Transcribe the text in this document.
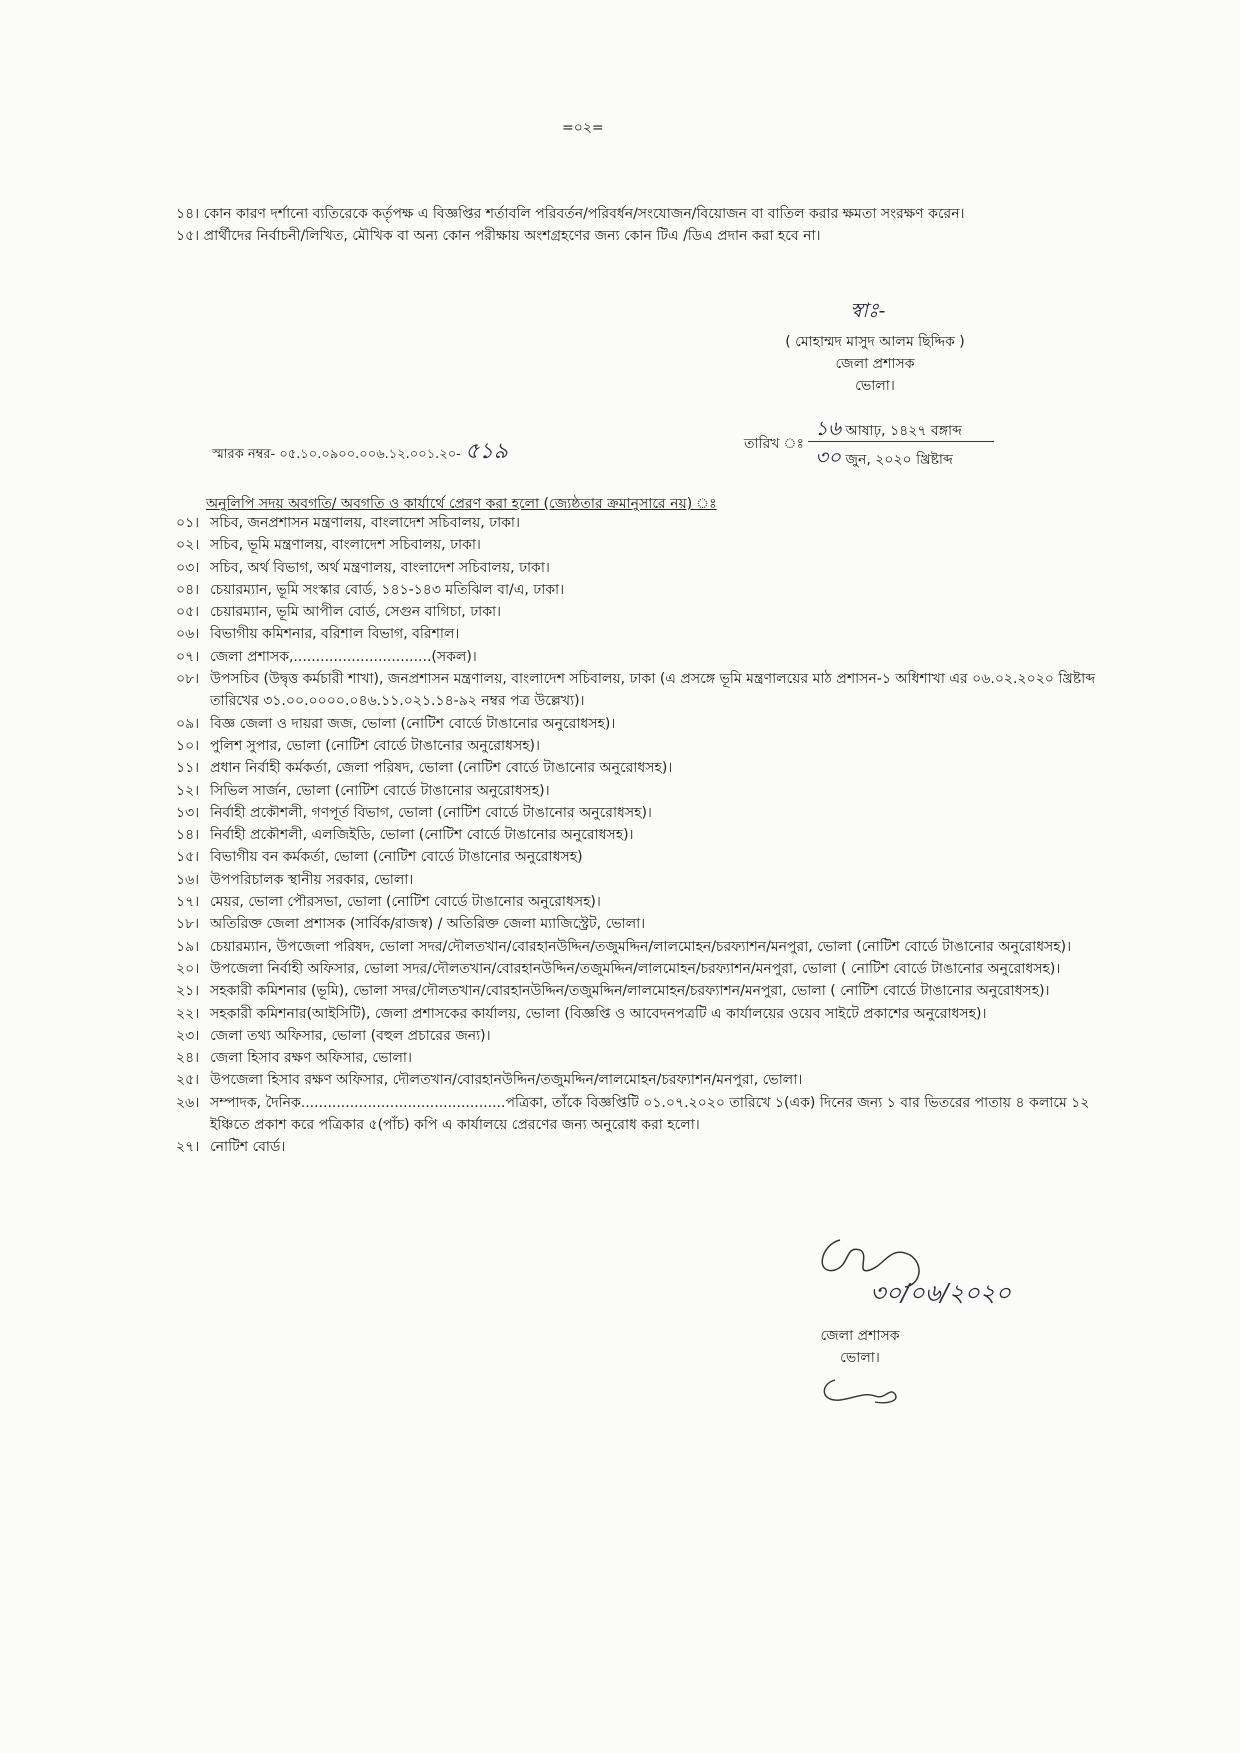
=০২=
১৪। কোন কারণ দর্শানো ব্যতিরেকে কর্তৃপক্ষ এ বিজ্ঞপ্তির শর্তাবলি পরিবর্তন/পরিবর্ধন/সংযোজন/বিয়োজন বা বাতিল করার ক্ষমতা সংরক্ষণ করেন।
১৫। প্রার্থীদের নির্বাচনী/লিখিত, মৌখিক বা অন্য কোন পরীক্ষায় অংশগ্রহণের জন্য কোন টিএ /ডিএ প্রদান করা হবে না।
স্বাঃ-
( মোহাম্মদ মাসুদ আলম ছিদ্দিক )
জেলা প্রশাসক
ভোলা।
স্মারক নম্বর- ০৫.১০.০৯০০.০০৬.১২.০০১.২০- ৫১৯	তারিখ ঃ
১৬ আষাঢ়, ১৪২৭ বঙ্গাব্দ
৩০ জুন, ২০২০ খ্রিষ্টাব্দ
অনুলিপি সদয় অবগতি/ অবগতি ও কার্যার্থে প্রেরণ করা হলো (জ্যেষ্ঠতার ক্রমানুসারে নয়) ঃ
০১। সচিব, জনপ্রশাসন মন্ত্রণালয়, বাংলাদেশ সচিবালয়, ঢাকা।
০২। সচিব, ভূমি মন্ত্রণালয়, বাংলাদেশ সচিবালয়, ঢাকা।
০৩। সচিব, অর্থ বিভাগ, অর্থ মন্ত্রণালয়, বাংলাদেশ সচিবালয়, ঢাকা।
০৪। চেয়ারম্যান, ভূমি সংস্কার বোর্ড, ১৪১-১৪৩ মতিঝিল বা/এ, ঢাকা।
০৫। চেয়ারম্যান, ভূমি আপীল বোর্ড, সেগুন বাগিচা, ঢাকা।
০৬। বিভাগীয় কমিশনার, বরিশাল বিভাগ, বরিশাল।
০৭। জেলা প্রশাসক,...............................(সকল)।
০৮। উপসচিব (উদ্বৃত্ত কর্মচারী শাখা), জনপ্রশাসন মন্ত্রণালয়, বাংলাদেশ সচিবালয়, ঢাকা (এ প্রসঙ্গে ভূমি মন্ত্রণালয়ের মাঠ প্রশাসন-১ অধিশাখা এর ০৬.০২.২০২০ খ্রিষ্টাব্দ তারিখের ৩১.০০.০০০০.০৪৬.১১.০২১.১৪-৯২ নম্বর পত্র উল্লেখ্য)।
০৯। বিজ্ঞ জেলা ও দায়রা জজ, ভোলা (নোটিশ বোর্ডে টাঙানোর অনুরোধসহ)।
১০। পুলিশ সুপার, ভোলা (নোটিশ বোর্ডে টাঙানোর অনুরোধসহ)।
১১। প্রধান নির্বাহী কর্মকর্তা, জেলা পরিষদ, ভোলা (নোটিশ বোর্ডে টাঙানোর অনুরোধসহ)।
১২। সিভিল সার্জন, ভোলা (নোটিশ বোর্ডে টাঙানোর অনুরোধসহ)।
১৩। নির্বাহী প্রকৌশলী, গণপূর্ত বিভাগ, ভোলা (নোটিশ বোর্ডে টাঙানোর অনুরোধসহ)।
১৪। নির্বাহী প্রকৌশলী, এলজিইডি, ভোলা (নোটিশ বোর্ডে টাঙানোর অনুরোধসহ)।
১৫। বিভাগীয় বন কর্মকর্তা, ভোলা (নোটিশ বোর্ডে টাঙানোর অনুরোধসহ)
১৬। উপপরিচালক স্থানীয় সরকার, ভোলা।
১৭। মেয়র, ভোলা পৌরসভা, ভোলা (নোটিশ বোর্ডে টাঙানোর অনুরোধসহ)।
১৮। অতিরিক্ত জেলা প্রশাসক (সার্বিক/রাজস্ব) / অতিরিক্ত জেলা ম্যাজিস্ট্রেট, ভোলা।
১৯। চেয়ারম্যান, উপজেলা পরিষদ, ভোলা সদর/দৌলতখান/বোরহানউদ্দিন/তজুমদ্দিন/লালমোহন/চরফ্যাশন/মনপুরা, ভোলা (নোটিশ বোর্ডে টাঙানোর অনুরোধসহ)।
২০। উপজেলা নির্বাহী অফিসার, ভোলা সদর/দৌলতখান/বোরহানউদ্দিন/তজুমদ্দিন/লালমোহন/চরফ্যাশন/মনপুরা, ভোলা ( নোটিশ বোর্ডে টাঙানোর অনুরোধসহ)।
২১। সহকারী কমিশনার (ভূমি), ভোলা সদর/দৌলতখান/বোরহানউদ্দিন/তজুমদ্দিন/লালমোহন/চরফ্যাশন/মনপুরা, ভোলা ( নোটিশ বোর্ডে টাঙানোর অনুরোধসহ)।
২২। সহকারী কমিশনার(আইসিটি), জেলা প্রশাসকের কার্যালয়, ভোলা (বিজ্ঞপ্তি ও আবেদনপত্রটি এ কার্যালয়ের ওয়েব সাইটে প্রকাশের অনুরোধসহ)।
২৩। জেলা তথ্য অফিসার, ভোলা (বহুল প্রচারের জন্য)।
২৪। জেলা হিসাব রক্ষণ অফিসার, ভোলা।
২৫। উপজেলা হিসাব রক্ষণ অফিসার, দৌলতখান/বোরহানউদ্দিন/তজুমদ্দিন/লালমোহন/চরফ্যাশন/মনপুরা, ভোলা।
২৬। সম্পাদক, দৈনিক..............................................পত্রিকা, তাঁকে বিজ্ঞপ্তিটি ০১.০৭.২০২০ তারিখে ১(এক) দিনের জন্য ১ বার ভিতরের পাতায় ৪ কলামে ১২ ইঞ্চিতে প্রকাশ করে পত্রিকার ৫(পাঁচ) কপি এ কার্যালয়ে প্রেরণের জন্য অনুরোধ করা হলো।
২৭। নোটিশ বোর্ড।
৩০/০৬/২০২০
জেলা প্রশাসক
ভোলা।
